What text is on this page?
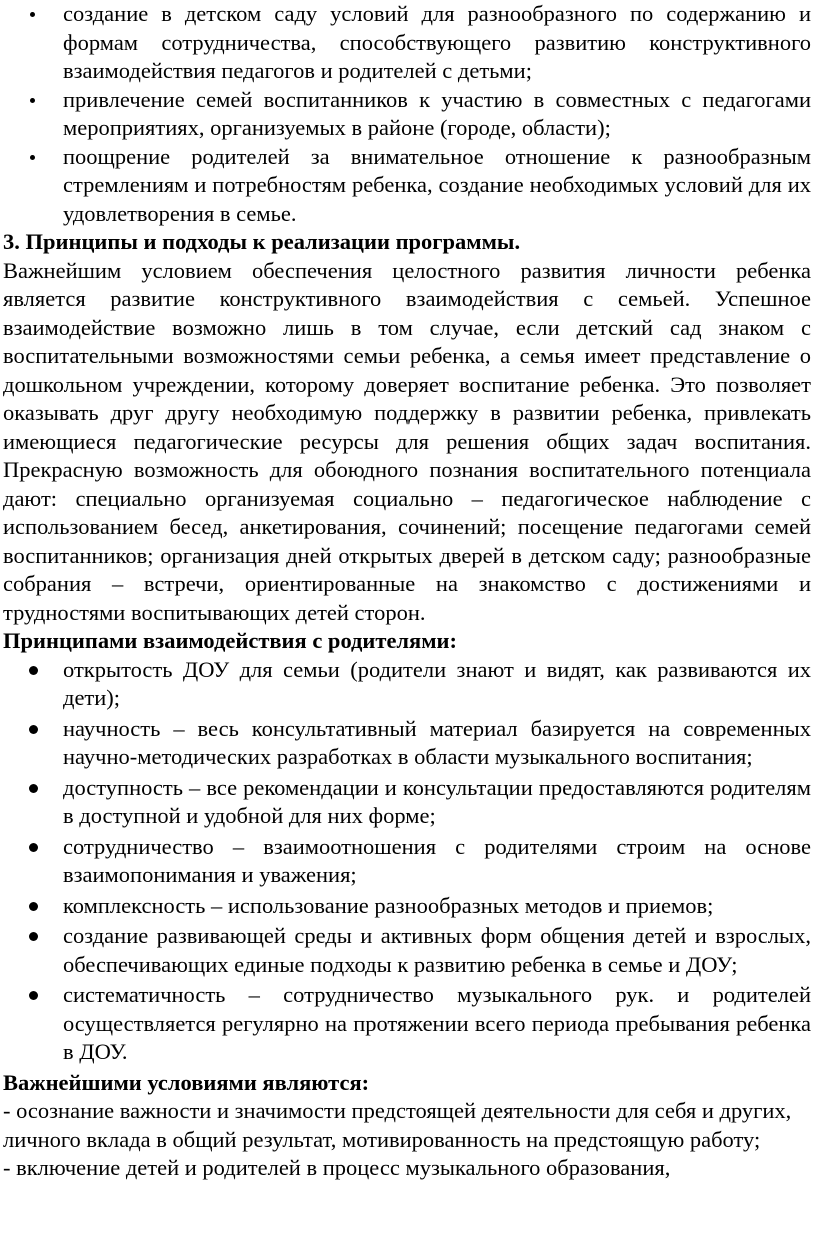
создание в детском саду условий для разнообразного по содержанию и формам сотрудничества, способствующего развитию конструктивного взаимодействия педагогов и родителей с детьми;
привлечение семей воспитанников к участию в совместных с педагогами мероприятиях, организуемых в районе (городе, области);
поощрение родителей за внимательное отношение к разнообразным стремлениям и потребностям ребенка, создание необходимых условий для их удовлетворения в семье.

3. Принципы и подходы к реализации программы.

Важнейшим условием обеспечения целостного развития личности ребенка является развитие конструктивного взаимодействия с семьей. Успешное взаимодействие возможно лишь в том случае, если детский сад знаком с воспитательными возможностями семьи ребенка, а семья имеет представление о дошкольном учреждении, которому доверяет воспитание ребенка. Это позволяет оказывать друг другу необходимую поддержку в развитии ребенка, привлекать имеющиеся педагогические ресурсы для решения общих задач воспитания. Прекрасную возможность для обоюдного познания воспитательного потенциала дают: специально организуемая социально – педагогическое наблюдение с использованием бесед, анкетирования, сочинений; посещение педагогами семей воспитанников; организация дней открытых дверей в детском саду; разнообразные собрания – встречи, ориентированные на знакомство с достижениями и трудностями воспитывающих детей сторон.

Принципами взаимодействия с родителями:

открытость ДОУ для семьи (родители знают и видят, как развиваются их дети);
научность – весь консультативный материал базируется на современных научно-методических разработках в области музыкального воспитания;
доступность – все рекомендации и консультации предоставляются родителям в доступной и удобной для них форме;
сотрудничество – взаимоотношения с родителями строим на основе взаимопонимания и уважения;
комплексность – использование разнообразных методов и приемов;
создание развивающей среды и активных форм общения детей и взрослых, обеспечивающих единые подходы к развитию ребенка в семье и ДОУ;
систематичность – сотрудничество музыкального рук. и родителей осуществляется регулярно на протяжении всего периода пребывания ребенка в ДОУ.

Важнейшими условиями являются:

- осознание важности и значимости предстоящей деятельности для себя и других, личного вклада в общий результат, мотивированность на предстоящую работу;

- включение детей и родителей в процесс музыкального образования,
